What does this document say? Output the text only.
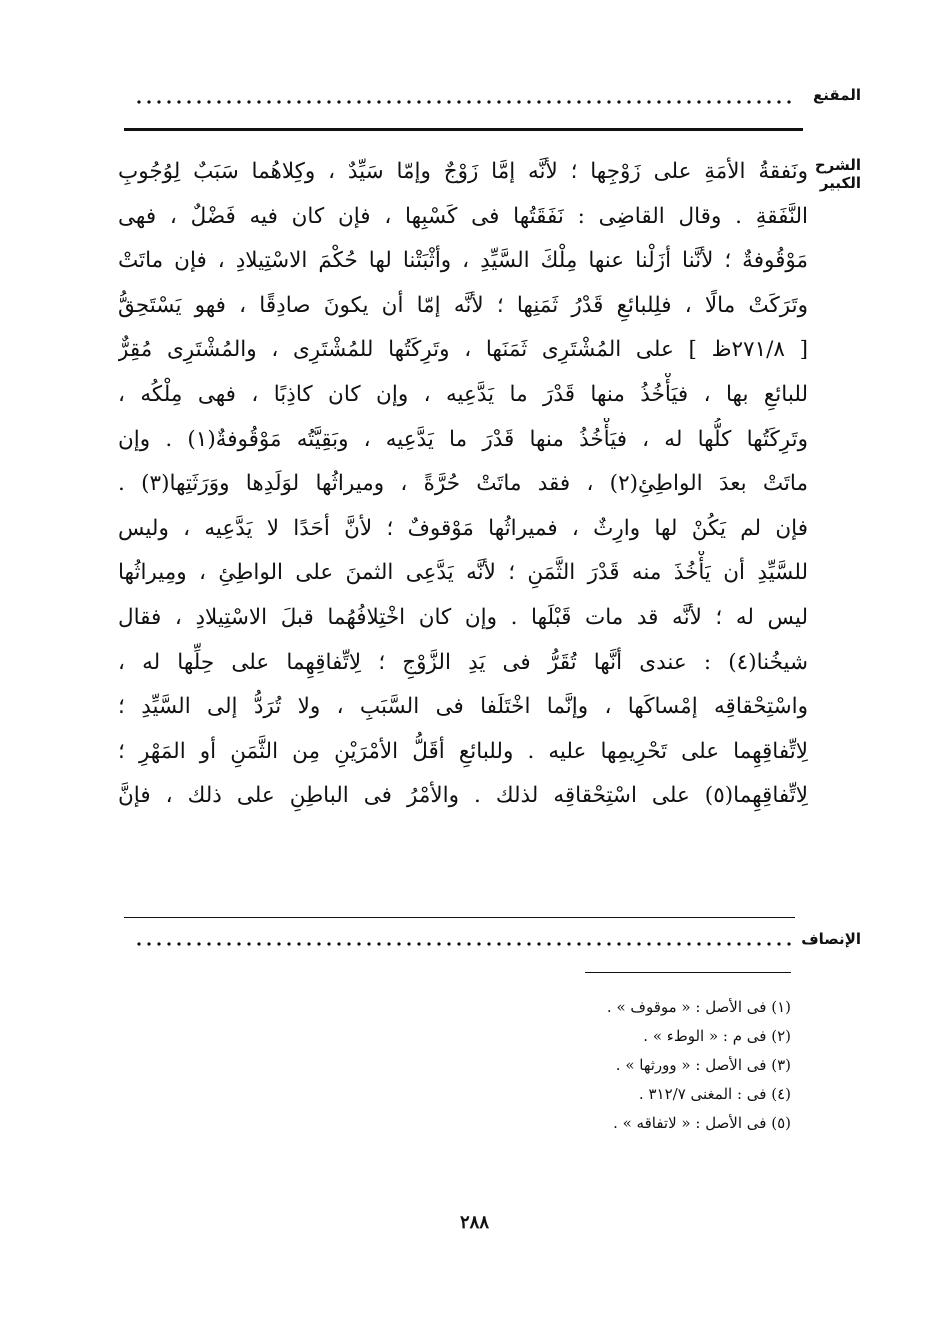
المقنع
الشرح الكبير
ونَفقةُ الأمَةِ على زَوْجِها ؛ لأنَّه إمَّا زَوْجٌ وإمّا سَيِّدٌ ، وكِلاهُما سَبَبٌ لِوُجُوبِ
النَّفَقةِ . وقال القاضِى : نَفَقَتُها فى كَسْبِها ، فإن كان فيه فَضْلٌ ، فهى
مَوْقُوفةٌ ؛ لأنَّنا أزَلْنا عنها مِلْكَ السَّيِّدِ ، وأثْبَتْنا لها حُكْمَ الاسْتِيلادِ ، فإن ماتَتْ
وتَرَكَتْ مالًا ، فلِلبائعِ قَدْرُ ثَمَنِها ؛ لأنَّه إمّا أن يكونَ صادِقًا ، فهو يَسْتَحِقُّ
[ ٢٧١/٨ظ ] على المُشْتَرِى ثَمَنَها ، وتَرِكَتُها للمُشْتَرِى ، والمُشْتَرِى مُقِرٌّ
للبائعِ بها ، فيَأْخُذُ منها قَدْرَ ما يَدَّعِيه ، وإن كان كاذِبًا ، فهى مِلْكُه ،
وتَرِكَتُها كلُّها له ، فيَأْخُذُ منها قَدْرَ ما يَدَّعِيه ، وبَقِيَّتُه مَوْقُوفةٌ(١) . وإن
ماتَتْ بعدَ الواطِئِ(٢) ، فقد ماتَتْ حُرَّةً ، وميراثُها لوَلَدِها ووَرَثَتِها(٣) .
فإن لم يَكُنْ لها وارِثٌ ، فميراثُها مَوْقوفٌ ؛ لأنَّ أحَدًا لا يَدَّعِيه ، وليس
للسَّيِّدِ أن يَأْخُذَ منه قَدْرَ الثَّمَنِ ؛ لأنَّه يَدَّعِى الثمنَ على الواطِئِ ، ومِيراثُها
ليس له ؛ لأنَّه قد مات قَبْلَها . وإن كان اخْتِلافُهُما قبلَ الاسْتِيلادِ ، فقال
شيخُنا(٤) : عندى أنَّها تُقَرُّ فى يَدِ الزَّوْجِ ؛ لِاتِّفاقِهِما على حِلِّها له ،
واسْتِحْقاقِه إمْساكَها ، وإنَّما اخْتَلَفا فى السَّبَبِ ، ولا تُرَدُّ إلى السَّيِّدِ ؛
لِاتِّفاقِهِما على تَحْرِيمِها عليه . وللبائعِ أقَلُّ الأمْرَيْنِ مِن الثَّمَنِ أو المَهْرِ ؛
لِاتِّفاقِهِما(٥) على اسْتِحْقاقِه لذلك . والأمْرُ فى الباطِنِ على ذلك ، فإنَّ
الإنصاف
(١) فى الأصل : « موقوف » .
(٢) فى م : « الوطء » .
(٣) فى الأصل : « وورثها » .
(٤) فى : المغنى ٣١٢/٧ .
(٥) فى الأصل : « لاتفاقه » .
٢٨٨
